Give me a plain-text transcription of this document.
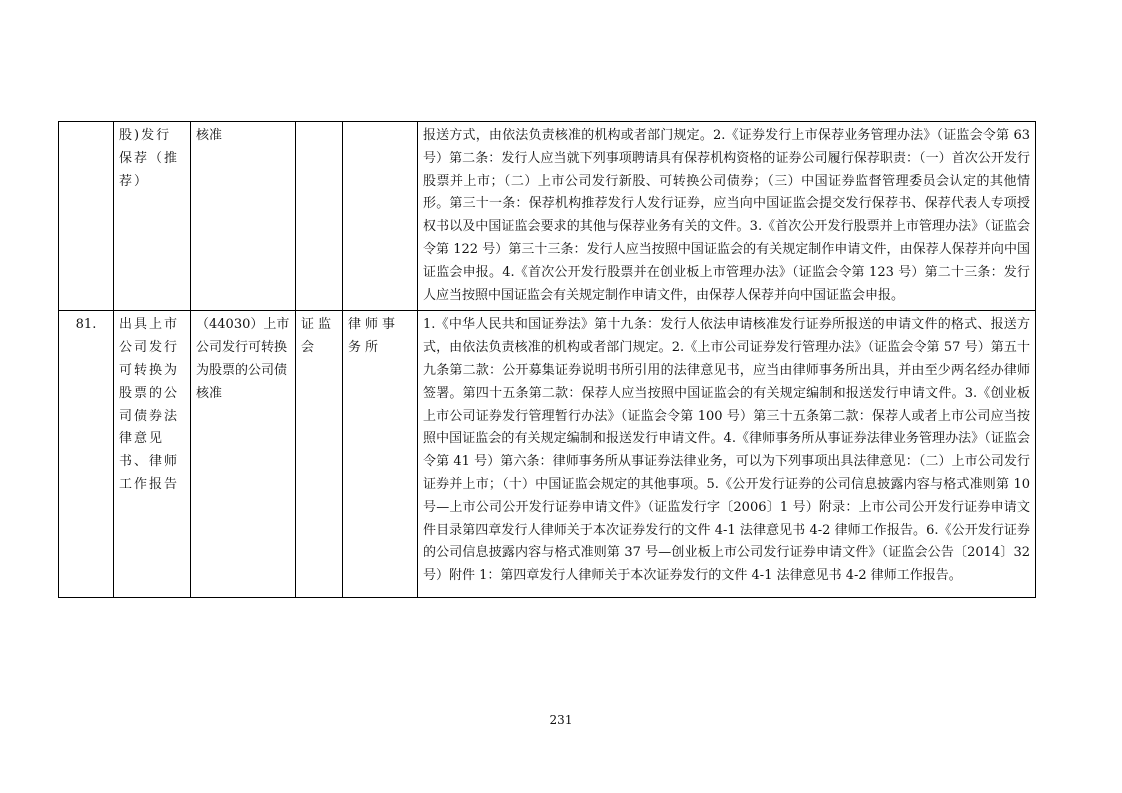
	股)发行保荐（推荐）	核准			报送方式，由依法负责核准的机构或者部门规定。2.《证券发行上市保荐业务管理办法》（证监会令第 63 号）第二条：发行人应当就下列事项聘请具有保荐机构资格的证券公司履行保荐职责：（一）首次公开发行股票并上市；（二）上市公司发行新股、可转换公司债券；（三）中国证券监督管理委员会认定的其他情形。第三十一条：保荐机构推荐发行人发行证券，应当向中国证监会提交发行保荐书、保荐代表人专项授权书以及中国证监会要求的其他与保荐业务有关的文件。3.《首次公开发行股票并上市管理办法》（证监会令第 122 号）第三十三条：发行人应当按照中国证监会的有关规定制作申请文件，由保荐人保荐并向中国证监会申报。4.《首次公开发行股票并在创业板上市管理办法》（证监会令第 123 号）第二十三条：发行人应当按照中国证监会有关规定制作申请文件，由保荐人保荐并向中国证监会申报。
81.	出具上市公司发行可转换为股票的公司债券法律意见书、律师工作报告	（44030）上市公司发行可转换为股票的公司债核准	证监会	律师事务所	1.《中华人民共和国证券法》第十九条：发行人依法申请核准发行证券所报送的申请文件的格式、报送方式，由依法负责核准的机构或者部门规定。2.《上市公司证券发行管理办法》（证监会令第 57 号）第五十九条第二款：公开募集证券说明书所引用的法律意见书，应当由律师事务所出具，并由至少两名经办律师签署。第四十五条第二款：保荐人应当按照中国证监会的有关规定编制和报送发行申请文件。3.《创业板上市公司证券发行管理暂行办法》（证监会令第 100 号）第三十五条第二款：保荐人或者上市公司应当按照中国证监会的有关规定编制和报送发行申请文件。4.《律师事务所从事证券法律业务管理办法》（证监会令第 41 号）第六条：律师事务所从事证券法律业务，可以为下列事项出具法律意见：（二）上市公司发行证券并上市；（十）中国证监会规定的其他事项。5.《公开发行证券的公司信息披露内容与格式准则第 10 号—上市公司公开发行证券申请文件》（证监发行字〔2006〕1 号）附录：上市公司公开发行证券申请文件目录第四章发行人律师关于本次证券发行的文件 4-1 法律意见书 4-2 律师工作报告。6.《公开发行证券的公司信息披露内容与格式准则第 37 号—创业板上市公司发行证券申请文件》（证监会公告〔2014〕32 号）附件 1：第四章发行人律师关于本次证券发行的文件 4-1 法律意见书 4-2 律师工作报告。
231
